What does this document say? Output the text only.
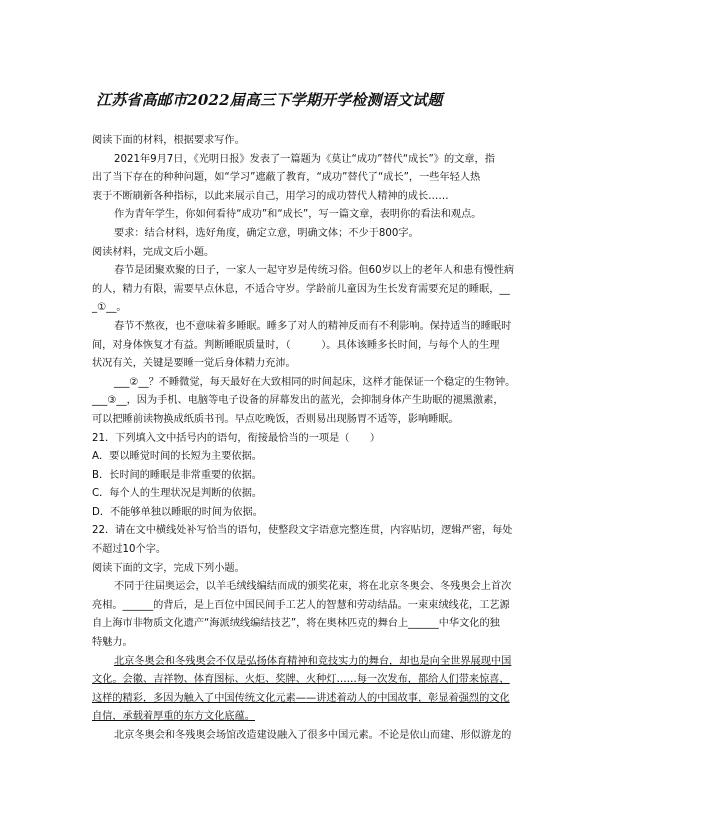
江苏省高邮市2022届高三下学期开学检测语文试题
阅读下面的材料，根据要求写作。
2021年9月7日，《光明日报》发表了一篇题为《莫让“成功”替代“成长”》的文章，指
出了当下存在的种种问题，如“学习”遮蔽了教育，“成功”替代了“成长”，一些年轻人热
衷于不断刷新各种指标，以此来展示自己，用学习的成功替代人精神的成长……
作为青年学生，你如何看待“成功”和“成长”，写一篇文章，表明你的看法和观点。
要求：结合材料，选好角度，确定立意，明确文体；不少于800字。
阅读材料，完成文后小题。
春节是团聚欢聚的日子，一家人一起守岁是传统习俗。但60岁以上的老年人和患有慢性病
的人，精力有限，需要早点休息，不适合守岁。学龄前儿童因为生长发育需要充足的睡眠，__
_①__。
春节不熬夜，也不意味着多睡眠。睡多了对人的精神反而有不利影响。保持适当的睡眠时
间，对身体恢复才有益。判断睡眠质量时，（　　　）。具体该睡多长时间，与每个人的生理
状况有关，关键是要睡一觉后身体精力充沛。
___②__？不睡微觉，每天最好在大致相同的时间起床，这样才能保证一个稳定的生物钟。
___③__，因为手机、电脑等电子设备的屏幕发出的蓝光，会抑制身体产生助眠的褪黑激素，
可以把睡前读物换成纸质书刊。早点吃晚饭，否则易出现肠胃不适等，影响睡眠。
21．下列填入文中括号内的语句，衔接最恰当的一项是（　　）
A．要以睡觉时间的长短为主要依据。
B．长时间的睡眠是非常重要的依据。
C．每个人的生理状况是判断的依据。
D．不能够单独以睡眠的时间为依据。
22．请在文中横线处补写恰当的语句，使整段文字语意完整连贯，内容贴切，逻辑严密，每处
不超过10个字。
阅读下面的文字，完成下列小题。
不同于往届奥运会，以羊毛绒线编结而成的颁奖花束，将在北京冬奥会、冬残奥会上首次
亮相。______的背后，是上百位中国民间手工艺人的智慧和劳动结晶。一束束绒线花，工艺源
自上海市非物质文化遗产“海派绒线编结技艺”，将在奥林匹克的舞台上______中华文化的独
特魅力。
北京冬奥会和冬残奥会不仅是弘扬体育精神和竞技实力的舞台，却也是向全世界展现中国
文化。会徽、吉祥物、体育图标、火炬、奖牌、火种灯……每一次发布，都给人们带来惊喜，
这样的精彩，多因为触入了中国传统文化元素——讲述着动人的中国故事，彰显着强烈的文化
自信，承载着厚重的东方文化底蕴。
北京冬奥会和冬残奥会场馆改造建设融入了很多中国元素。不论是依山而建、形似游龙的
